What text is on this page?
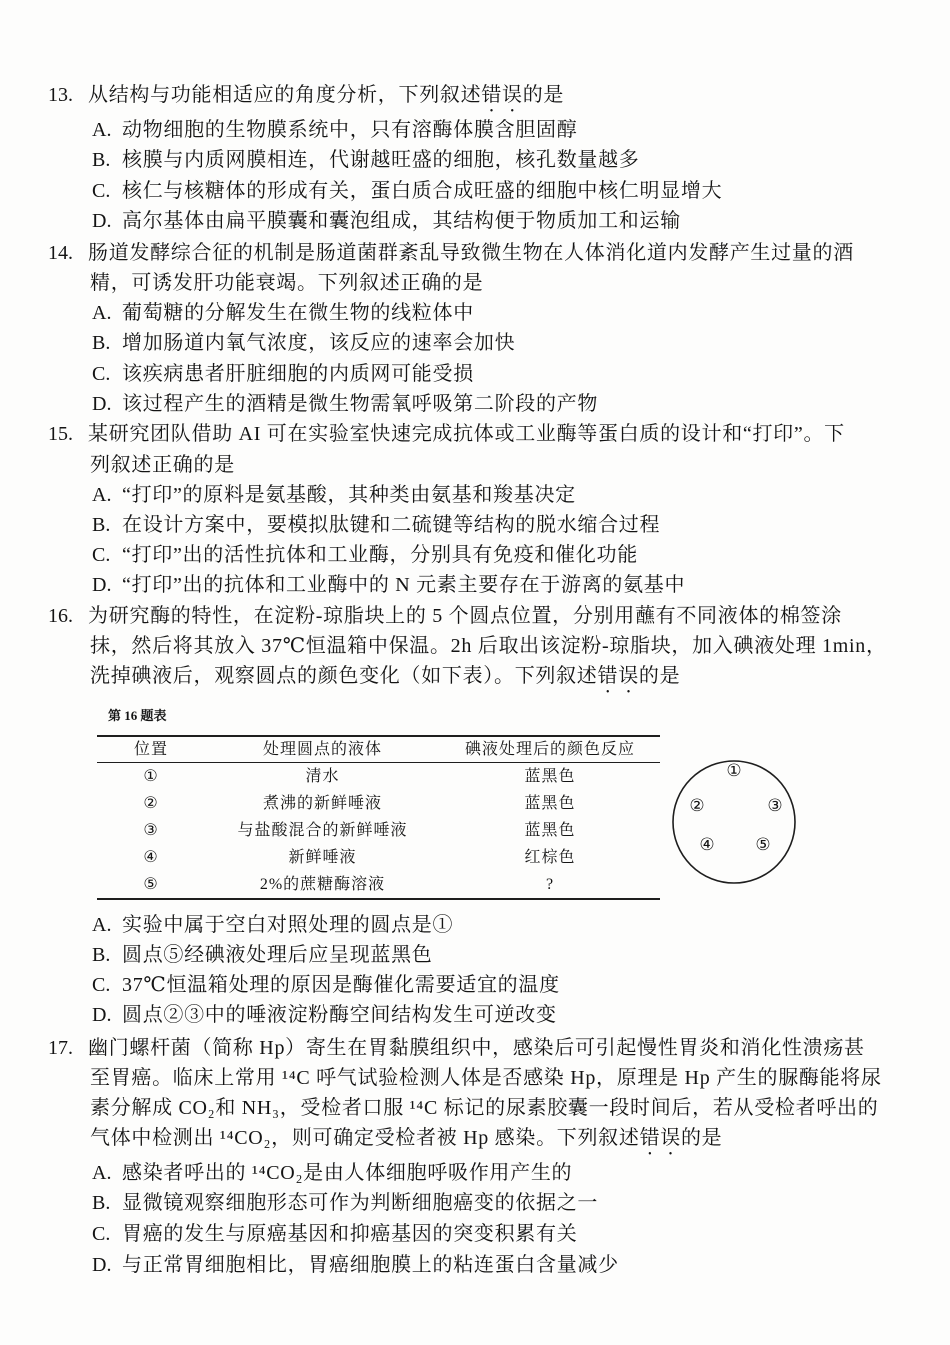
13. 从结构与功能相适应的角度分析，下列叙述错误的是
A. 动物细胞的生物膜系统中，只有溶酶体膜含胆固醇
B. 核膜与内质网膜相连，代谢越旺盛的细胞，核孔数量越多
C. 核仁与核糖体的形成有关，蛋白质合成旺盛的细胞中核仁明显增大
D. 高尔基体由扁平膜囊和囊泡组成，其结构便于物质加工和运输
14. 肠道发酵综合征的机制是肠道菌群紊乱导致微生物在人体消化道内发酵产生过量的酒
精，可诱发肝功能衰竭。下列叙述正确的是
A. 葡萄糖的分解发生在微生物的线粒体中
B. 增加肠道内氧气浓度，该反应的速率会加快
C. 该疾病患者肝脏细胞的内质网可能受损
D. 该过程产生的酒精是微生物需氧呼吸第二阶段的产物
15. 某研究团队借助 AI 可在实验室快速完成抗体或工业酶等蛋白质的设计和“打印”。下
列叙述正确的是
A. “打印”的原料是氨基酸，其种类由氨基和羧基决定
B. 在设计方案中，要模拟肽键和二硫键等结构的脱水缩合过程
C. “打印”出的活性抗体和工业酶，分别具有免疫和催化功能
D. “打印”出的抗体和工业酶中的 N 元素主要存在于游离的氨基中
16. 为研究酶的特性，在淀粉-琼脂块上的 5 个圆点位置，分别用蘸有不同液体的棉签涂
抹，然后将其放入 37℃恒温箱中保温。2h 后取出该淀粉-琼脂块，加入碘液处理 1min，
洗掉碘液后，观察圆点的颜色变化（如下表）。下列叙述错误的是
第 16 题表
位置	处理圆点的液体	碘液处理后的颜色反应
①	清水	蓝黑色
②	煮沸的新鲜唾液	蓝黑色
③	与盐酸混合的新鲜唾液	蓝黑色
④	新鲜唾液	红棕色
⑤	2%的蔗糖酶溶液	?
①
②	③
④ ⑤
A. 实验中属于空白对照处理的圆点是①
B. 圆点⑤经碘液处理后应呈现蓝黑色
C. 37℃恒温箱处理的原因是酶催化需要适宜的温度
D. 圆点②③中的唾液淀粉酶空间结构发生可逆改变
17. 幽门螺杆菌（简称 Hp）寄生在胃黏膜组织中，感染后可引起慢性胃炎和消化性溃疡甚
至胃癌。临床上常用 ¹⁴C 呼气试验检测人体是否感染 Hp，原理是 Hp 产生的脲酶能将尿
素分解成 CO₂和 NH₃，受检者口服 ¹⁴C 标记的尿素胶囊一段时间后，若从受检者呼出的
气体中检测出 ¹⁴CO₂，则可确定受检者被 Hp 感染。下列叙述错误的是
A. 感染者呼出的 ¹⁴CO₂是由人体细胞呼吸作用产生的
B. 显微镜观察细胞形态可作为判断细胞癌变的依据之一
C. 胃癌的发生与原癌基因和抑癌基因的突变积累有关
D. 与正常胃细胞相比，胃癌细胞膜上的粘连蛋白含量减少
